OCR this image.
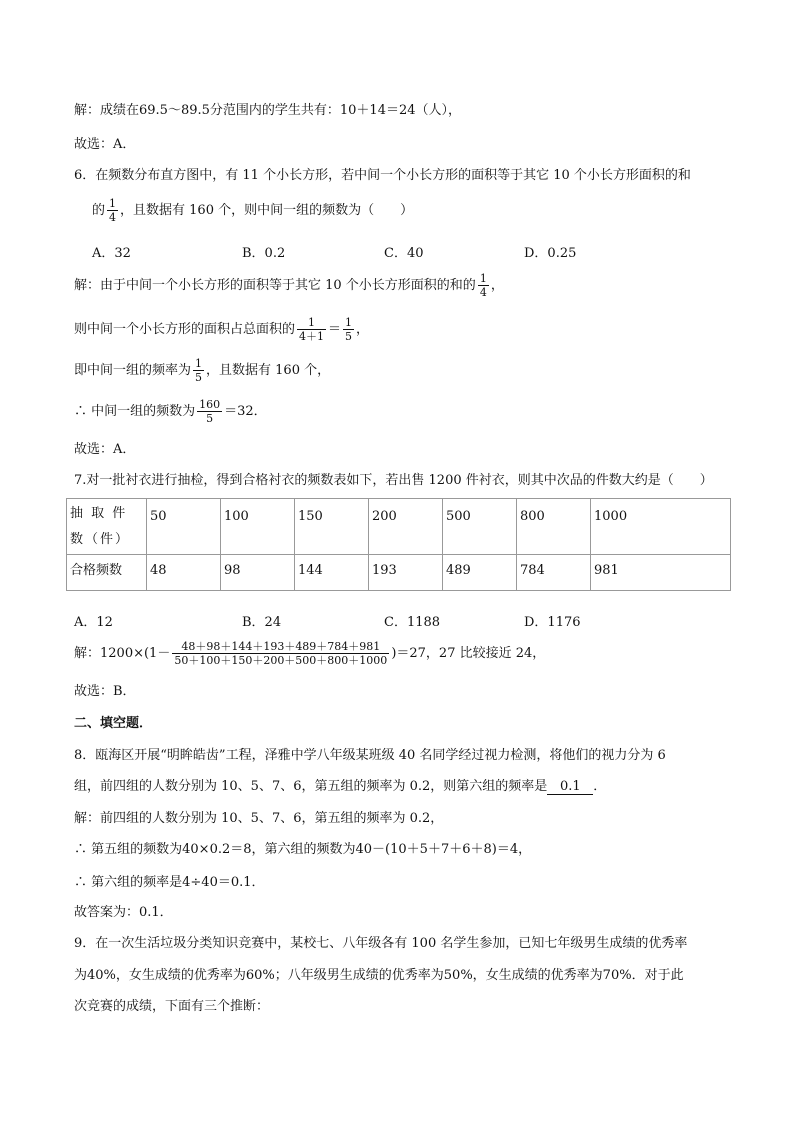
解：成绩在69.5～89.5分范围内的学生共有：10＋14＝24（人），
故选：A．
6．在频数分布直方图中，有 11 个小长方形，若中间一个小长方形的面积等于其它 10 个小长方形面积的和
的 $\frac{1}{4}$ ，且数据有 160 个，则中间一组的频数为（　　）
A．32	B．0.2	C．40	D．0.25
解：由于中间一个小长方形的面积等于其它 10 个小长方形面积的和的 $\frac{1}{4}$ ，
则中间一个小长方形的面积占总面积的 $\frac{1}{4+1} = \frac{1}{5}$ ，
即中间一组的频率为 $\frac{1}{5}$ ，且数据有 160 个，
∴ 中间一组的频数为 $\frac{160}{5} =32$．
故选：A．
7.对一批衬衣进行抽检，得到合格衬衣的频数表如下，若出售 1200 件衬衣，则其中次品的件数大约是（　　）
抽 取 件 数（件）	50	100	150	200	500	800	1000
合格频数	48	98	144	193	489	784	981
A．12	B．24	C．1188	D．1176
解：$1200\times(1- \frac{48+98+144+193+489+784+981}{50+100+150+200+500+800+1000} )=27$，27 比较接近 24，
故选：B．
二、填空题．
8．瓯海区开展“明眸皓齿”工程，泽雅中学八年级某班级 40 名同学经过视力检测，将他们的视力分为 6
组，前四组的人数分别为 10、5、7、6，第五组的频率为 0.2，则第六组的频率是 0.1 ．
解：前四组的人数分别为 10、5、7、6，第五组的频率为 0.2，
∴ 第五组的频数为40×0.2＝8，第六组的频数为40－(10＋5＋7＋6＋8)＝4，
∴ 第六组的频率是4÷40＝0.1．
故答案为：0.1．
9．在一次生活垃圾分类知识竞赛中，某校七、八年级各有 100 名学生参加，已知七年级男生成绩的优秀率
为40%，女生成绩的优秀率为60%；八年级男生成绩的优秀率为50%，女生成绩的优秀率为70%．对于此
次竞赛的成绩，下面有三个推断：
